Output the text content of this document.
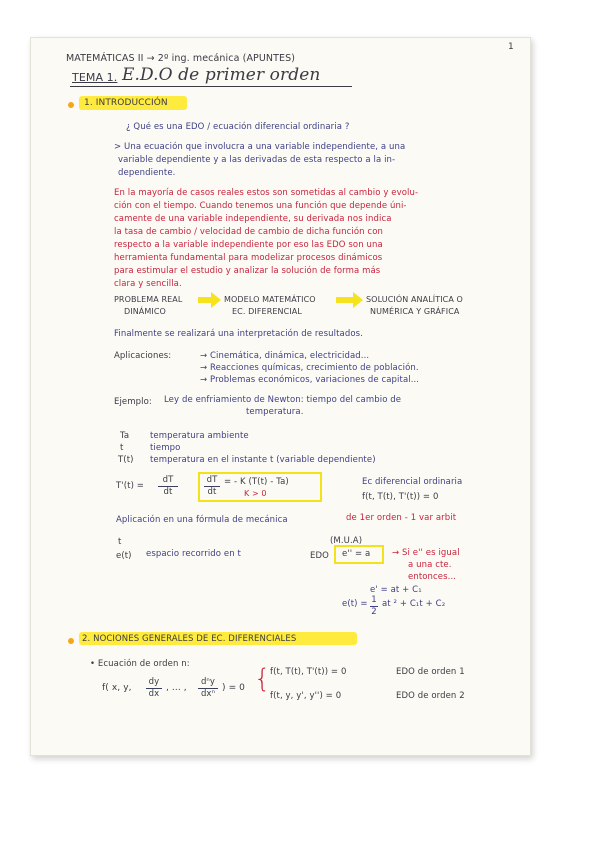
MATEMÁTICAS II → 2º ing. mecánica (APUNTES)
1
TEMA 1. E.D.O de primer orden
1. INTRODUCCIÓN
¿ Qué es una EDO / ecuación diferencial ordinaria ?
> Una ecuación que involucra a una variable independiente, a una
variable dependiente y a las derivadas de esta respecto a la in-
dependiente.
En la mayoría de casos reales estos son sometidas al cambio y evolu-
ción con el tiempo. Cuando tenemos una función que depende úni-
camente de una variable independiente, su derivada nos indica
la tasa de cambio / velocidad de cambio de dicha función con
respecto a la variable independiente por eso las EDO son una
herramienta fundamental para modelizar procesos dinámicos
para estimular el estudio y analizar la solución de forma más
clara y sencilla.
PROBLEMA REAL
DINÁMICO
MODELO MATEMÁTICO
EC. DIFERENCIAL
SOLUCIÓN ANALÍTICA O
NUMÉRICA Y GRÁFICA
Finalmente se realizará una interpretación de resultados.
Aplicaciones:	→ Cinemática, dinámica, electricidad...
→ Reacciones químicas, crecimiento de población.
→ Problemas económicos, variaciones de capital...
Ejemplo: Ley de enfriamiento de Newton: tiempo del cambio de
temperatura.
Ta temperatura ambiente
t	tiempo
T(t) temperatura en el instante t (variable dependiente)
T'(t) =
dT
dt
dT
dt
= - K (T(t) - Ta)
K > 0
Ec diferencial ordinaria
f(t, T(t), T'(t)) = 0
Aplicación en una fórmula de mecánica	de 1er orden - 1 var arbit
(M.U.A)
t
e(t) espacio recorrido en t	EDO e'' = a	→ Si e'' es igual
a una cte.
entonces...
e' = at + C₁
e(t) = 1
2
at ² + C₁t + C₂
2. NOCIONES GENERALES DE EC. DIFERENCIALES
• Ecuación de orden n:
f( x, y,
dy
dx
, ... ,
dⁿy
dxⁿ
) = 0 { f(t, T(t), T'(t)) = 0	EDO de orden 1
f(t, y, y', y'') = 0	EDO de orden 2
